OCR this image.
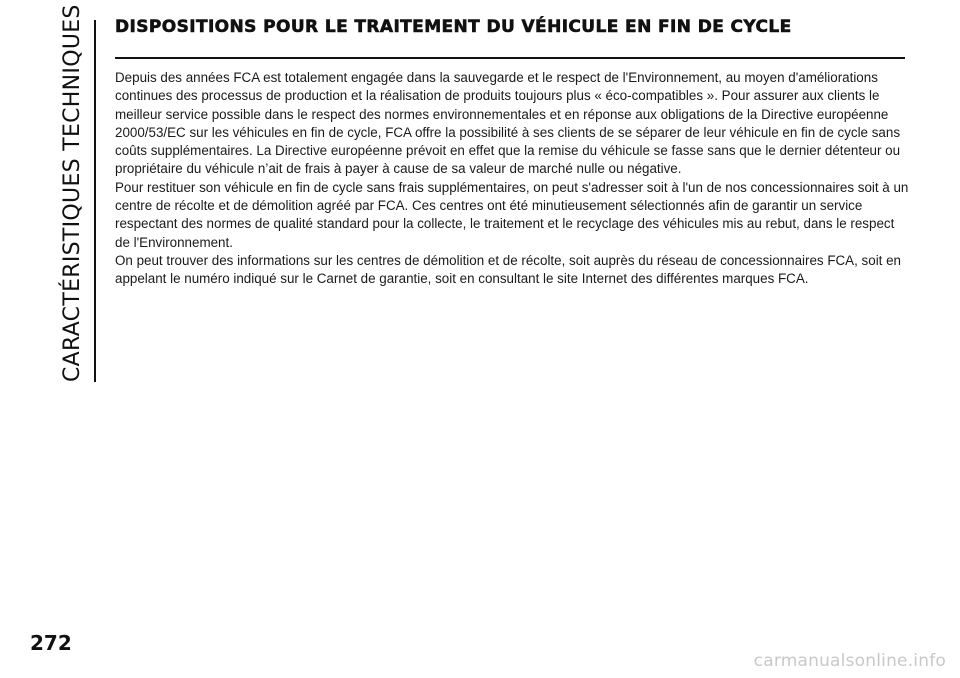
CARACTÉRISTIQUES TECHNIQUES DISPOSITIONS POUR LE TRAITEMENT DU VÉHICULE EN FIN DE CYCLE

Depuis des années FCA est totalement engagée dans la sauvegarde et le respect de l'Environnement, au moyen d'améliorations continues des processus de production et la réalisation de produits toujours plus « éco-compatibles ». Pour assurer aux clients le meilleur service possible dans le respect des normes environnementales et en réponse aux obligations de la Directive européenne 2000/53/EC sur les véhicules en fin de cycle, FCA offre la possibilité à ses clients de se séparer de leur véhicule en fin de cycle sans coûts supplémentaires. La Directive européenne prévoit en effet que la remise du véhicule se fasse sans que le dernier détenteur ou propriétaire du véhicule n’ait de frais à payer à cause de sa valeur de marché nulle ou négative.

Pour restituer son véhicule en fin de cycle sans frais supplémentaires, on peut s'adresser soit à l'un de nos concessionnaires soit à un centre de récolte et de démolition agréé par FCA. Ces centres ont été minutieusement sélectionnés afin de garantir un service respectant des normes de qualité standard pour la collecte, le traitement et le recyclage des véhicules mis au rebut, dans le respect de l'Environnement.

On peut trouver des informations sur les centres de démolition et de récolte, soit auprès du réseau de concessionnaires FCA, soit en appelant le numéro indiqué sur le Carnet de garantie, soit en consultant le site Internet des différentes marques FCA.

272
carmanualsonline.info
